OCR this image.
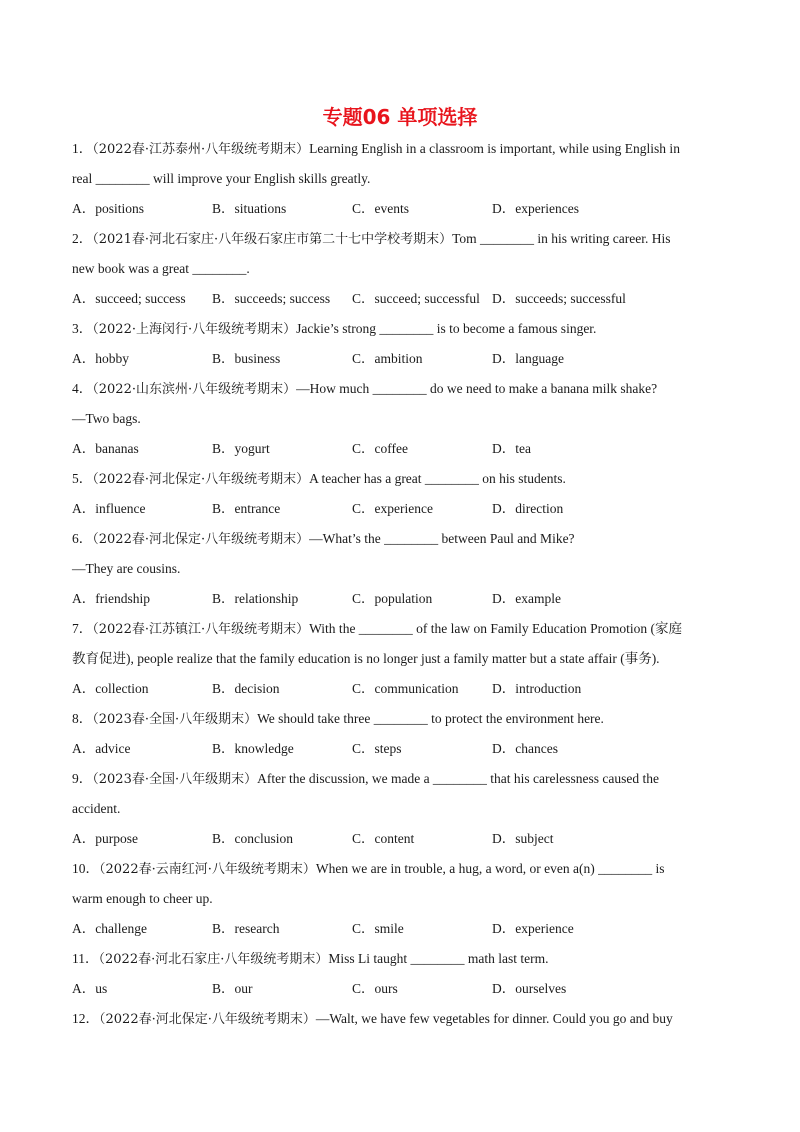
专题06 单项选择
1．（2022春·江苏泰州·八年级统考期末）Learning English in a classroom is important, while using English in
real ________ will improve your English skills greatly.
A．positions	B．situations	C．events	D．experiences
2．（2021春·河北石家庄·八年级石家庄市第二十七中学校考期末）Tom ________ in his writing career. His
new book was a great ________.
A．succeed; success	B．succeeds; success	C．succeed; successful D．succeeds; successful
3．（2022·上海闵行·八年级统考期末）Jackie’s strong ________ is to become a famous singer.
A．hobby	B．business	C．ambition	D．language
4．（2022·山东滨州·八年级统考期末）—How much ________ do we need to make a banana milk shake?
—Two bags.
A．bananas	B．yogurt	C．coffee	D．tea
5．（2022春·河北保定·八年级统考期末）A teacher has a great ________ on his students.
A．influence	B．entrance	C．experience	D．direction
6．（2022春·河北保定·八年级统考期末）—What’s the ________ between Paul and Mike?
—They are cousins.
A．friendship	B．relationship	C．population	D．example
7．（2022春·江苏镇江·八年级统考期末）With the ________ of the law on Family Education Promotion (家庭
教育促进), people realize that the family education is no longer just a family matter but a state affair (事务).
A．collection	B．decision	C．communication	D．introduction
8．（2023春·全国·八年级期末）We should take three ________ to protect the environment here.
A．advice	B．knowledge	C．steps	D．chances
9．（2023春·全国·八年级期末）After the discussion, we made a ________ that his carelessness caused the
accident.
A．purpose	B．conclusion	C．content	D．subject
10．（2022春·云南红河·八年级统考期末）When we are in trouble, a hug, a word, or even a(n) ________ is
warm enough to cheer up.
A．challenge	B．research	C．smile	D．experience
11．（2022春·河北石家庄·八年级统考期末）Miss Li taught ________ math last term.
A．us	B．our	C．ours	D．ourselves
12．（2022春·河北保定·八年级统考期末）—Walt, we have few vegetables for dinner. Could you go and buy
